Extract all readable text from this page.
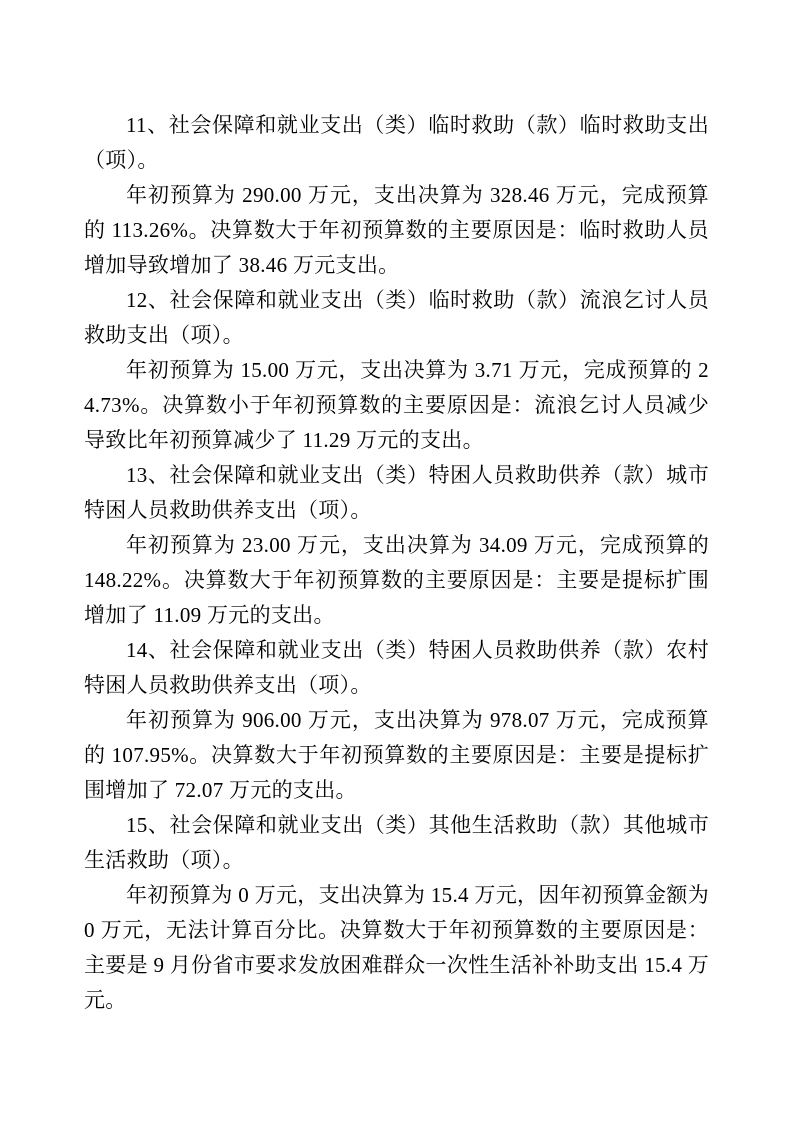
11、社会保障和就业支出（类）临时救助（款）临时救助支出（项）。

年初预算为 290.00 万元，支出决算为 328.46 万元，完成预算的 113.26%。决算数大于年初预算数的主要原因是：临时救助人员增加导致增加了 38.46 万元支出。

12、社会保障和就业支出（类）临时救助（款）流浪乞讨人员救助支出（项）。

年初预算为 15.00 万元，支出决算为 3.71 万元，完成预算的 24.73%。决算数小于年初预算数的主要原因是：流浪乞讨人员减少导致比年初预算减少了 11.29 万元的支出。

13、社会保障和就业支出（类）特困人员救助供养（款）城市特困人员救助供养支出（项）。

年初预算为 23.00 万元，支出决算为 34.09 万元，完成预算的 148.22%。决算数大于年初预算数的主要原因是：主要是提标扩围增加了 11.09 万元的支出。

14、社会保障和就业支出（类）特困人员救助供养（款）农村特困人员救助供养支出（项）。

年初预算为 906.00 万元，支出决算为 978.07 万元，完成预算的 107.95%。决算数大于年初预算数的主要原因是：主要是提标扩围增加了 72.07 万元的支出。

15、社会保障和就业支出（类）其他生活救助（款）其他城市生活救助（项）。

年初预算为 0 万元，支出决算为 15.4 万元，因年初预算金额为 0 万元，无法计算百分比。决算数大于年初预算数的主要原因是：主要是 9 月份省市要求发放困难群众一次性生活补补助支出 15.4 万元。
